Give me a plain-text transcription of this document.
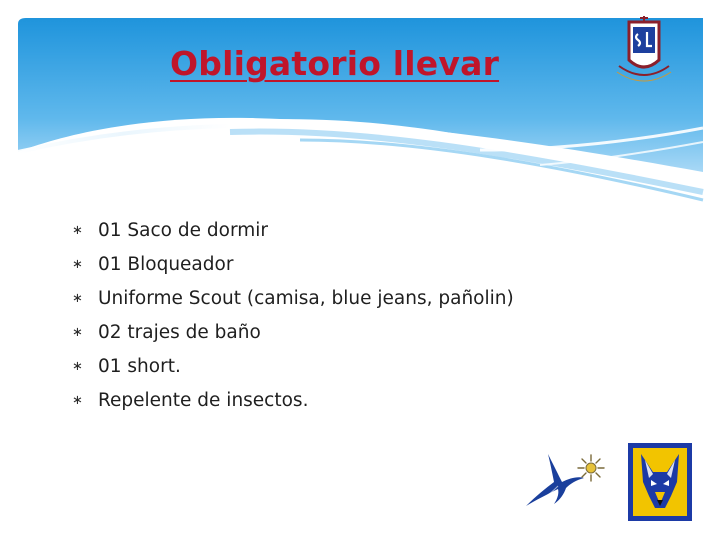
Obligatorio llevar
∗ 01 Saco de dormir
∗ 01 Bloqueador
∗ Uniforme Scout (camisa, blue jeans, pañolin)
∗ 02 trajes de baño
∗ 01 short.
∗ Repelente de insectos.
